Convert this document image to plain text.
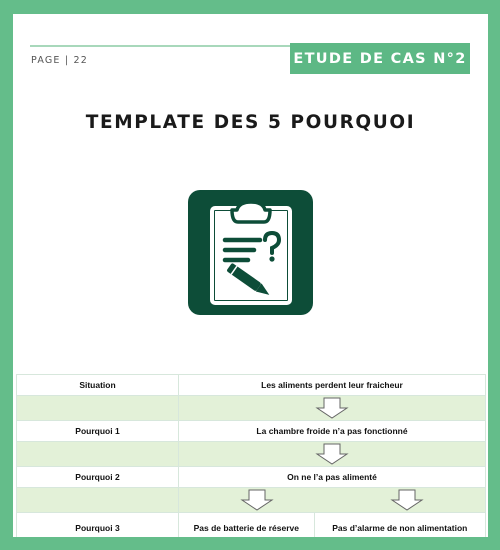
PAGE | 22	ETUDE DE CAS N°2
TEMPLATE DES 5 POURQUOI
Situation	Les aliments perdent leur fraicheur	

Pourquoi 1	La chambre froide n’a pas fonctionné	

Pourquoi 2	On ne l’a pas alimenté	

Pourquoi 3	Pas de batterie de réserve	Pas d’alarme de non alimentation
